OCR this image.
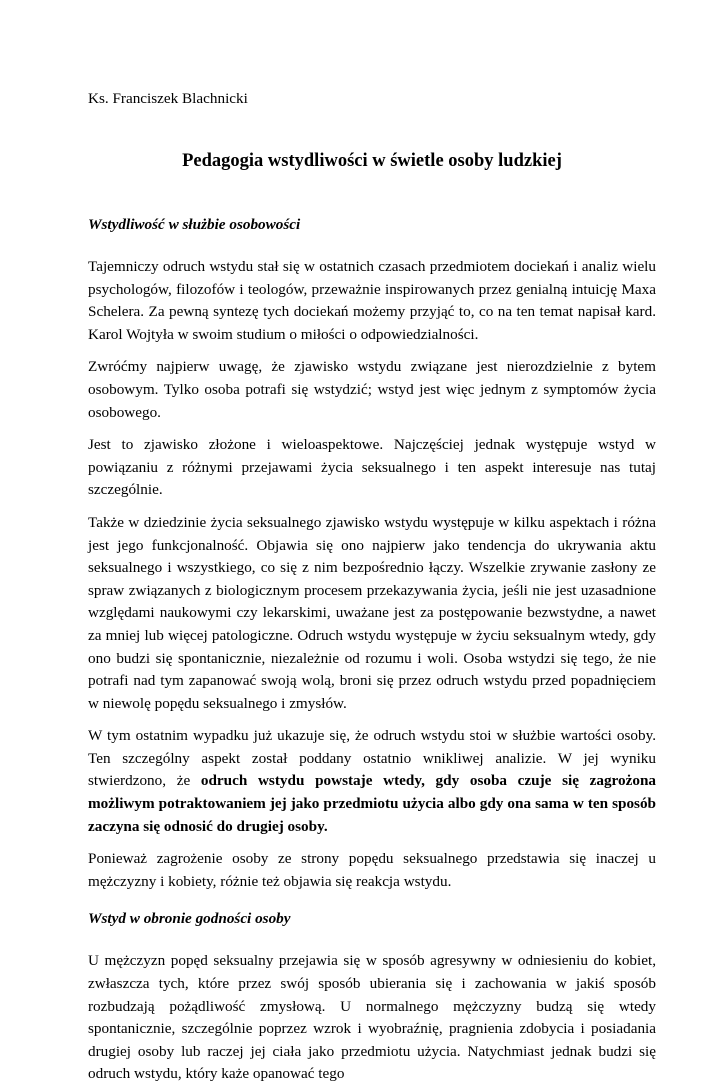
Ks. Franciszek Blachnicki

Pedagogia wstydliwości w świetle osoby ludzkiej
Wstydliwość w służbie osobowości

Tajemniczy odruch wstydu stał się w ostatnich czasach przedmiotem dociekań i analiz wielu psychologów, filozofów i teologów, przeważnie inspirowanych przez genialną intuicję Maxa Schelera. Za pewną syntezę tych dociekań możemy przyjąć to, co na ten temat napisał kard. Karol Wojtyła w swoim studium o miłości o odpowiedzialności.

Zwróćmy najpierw uwagę, że zjawisko wstydu związane jest nierozdzielnie z bytem osobowym. Tylko osoba potrafi się wstydzić; wstyd jest więc jednym z symptomów życia osobowego.

Jest to zjawisko złożone i wieloaspektowe. Najczęściej jednak występuje wstyd w powiązaniu z różnymi przejawami życia seksualnego i ten aspekt interesuje nas tutaj szczególnie.

Także w dziedzinie życia seksualnego zjawisko wstydu występuje w kilku aspektach i różna jest jego funkcjonalność. Objawia się ono najpierw jako tendencja do ukrywania aktu seksualnego i wszystkiego, co się z nim bezpośrednio łączy. Wszelkie zrywanie zasłony ze spraw związanych z biologicznym procesem przekazywania życia, jeśli nie jest uzasadnione względami naukowymi czy lekarskimi, uważane jest za postępowanie bezwstydne, a nawet za mniej lub więcej patologiczne. Odruch wstydu występuje w życiu seksualnym wtedy, gdy ono budzi się spontanicznie, niezależnie od rozumu i woli. Osoba wstydzi się tego, że nie potrafi nad tym zapanować swoją wolą, broni się przez odruch wstydu przed popadnięciem w niewolę popędu seksualnego i zmysłów.

W tym ostatnim wypadku już ukazuje się, że odruch wstydu stoi w służbie wartości osoby. Ten szczególny aspekt został poddany ostatnio wnikliwej analizie. W jej wyniku stwierdzono, że odruch wstydu powstaje wtedy, gdy osoba czuje się zagrożona możliwym potraktowaniem jej jako przedmiotu użycia albo gdy ona sama w ten sposób zaczyna się odnosić do drugiej osoby.

Ponieważ zagrożenie osoby ze strony popędu seksualnego przedstawia się inaczej u mężczyzny i kobiety, różnie też objawia się reakcja wstydu.

Wstyd w obronie godności osoby

U mężczyzn popęd seksualny przejawia się w sposób agresywny w odniesieniu do kobiet, zwłaszcza tych, które przez swój sposób ubierania się i zachowania w jakiś sposób rozbudzają pożądliwość zmysłową. U normalnego mężczyzny budzą się wtedy spontanicznie, szczególnie poprzez wzrok i wyobraźnię, pragnienia zdobycia i posiadania drugiej osoby lub raczej jej ciała jako przedmiotu użycia. Natychmiast jednak budzi się odruch wstydu, który każe opanować tego
